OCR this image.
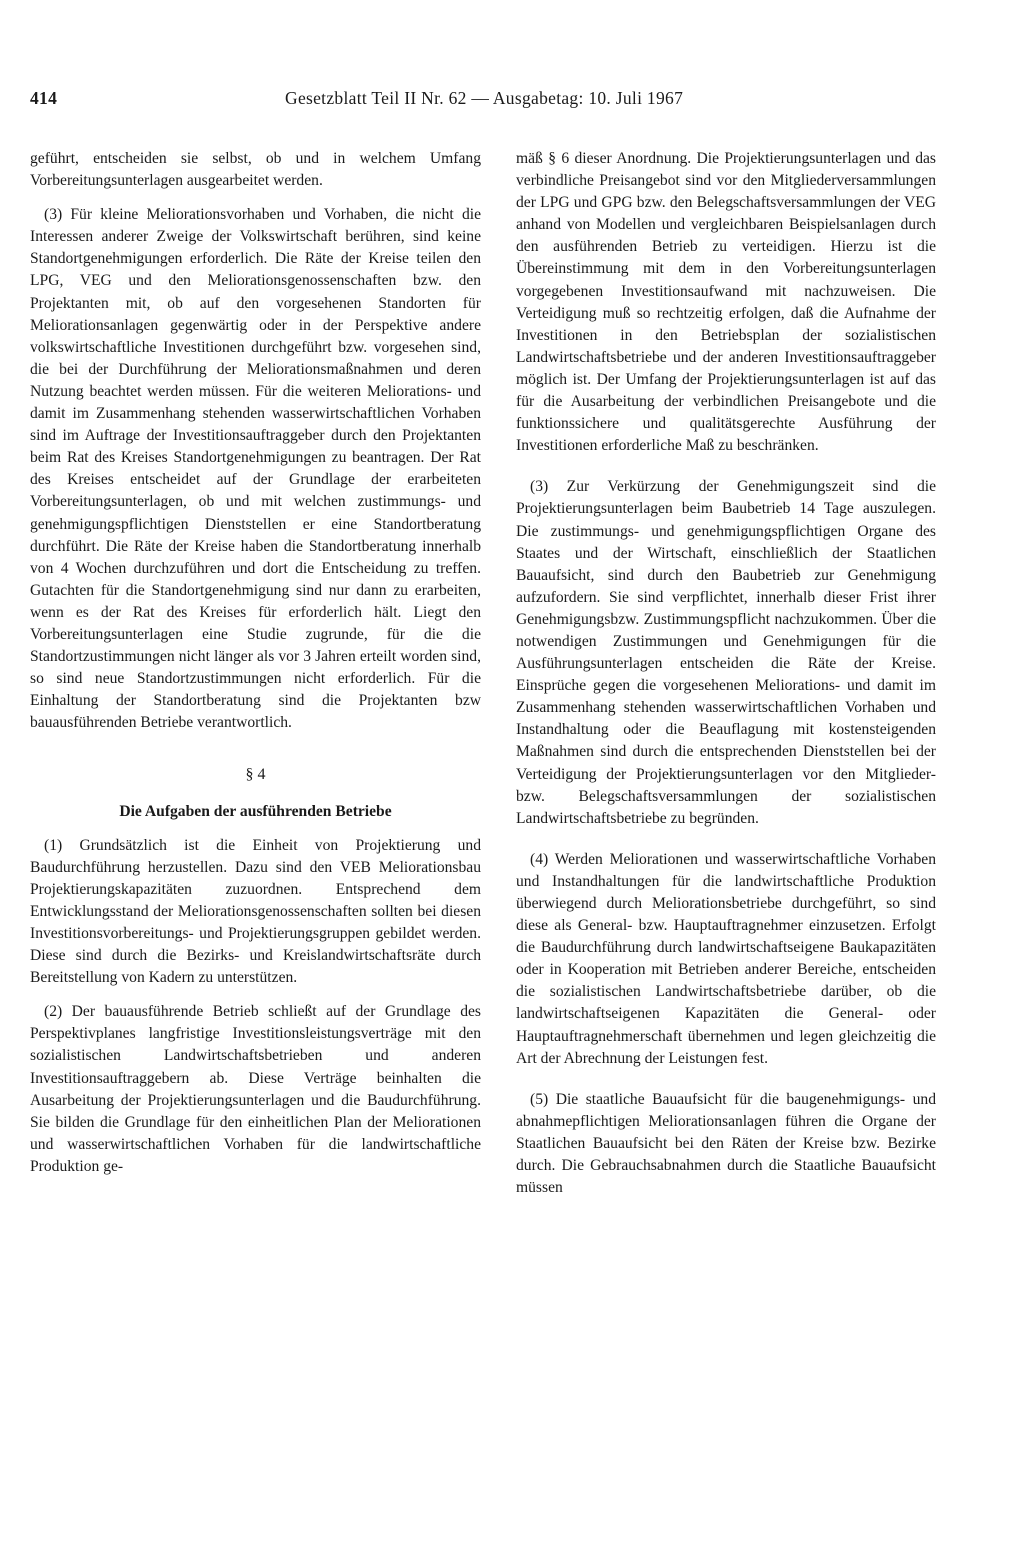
414	Gesetzblatt Teil II Nr. 62 — Ausgabetag: 10. Juli 1967

geführt, entscheiden sie selbst, ob und in welchem Umfang Vorbereitungsunterlagen ausgearbeitet werden.

(3) Für kleine Meliorationsvorhaben und Vorhaben, die nicht die Interessen anderer Zweige der Volkswirtschaft berühren, sind keine Standortgenehmigungen erforderlich. Die Räte der Kreise teilen den LPG, VEG und den Meliorationsgenossenschaften bzw. den Projektanten mit, ob auf den vorgesehenen Standorten für Meliorationsanlagen gegenwärtig oder in der Perspektive andere volkswirtschaftliche Investitionen durchgeführt bzw. vorgesehen sind, die bei der Durchführung der Meliorationsmaßnahmen und deren Nutzung beachtet werden müssen. Für die weiteren Meliorations- und damit im Zusammenhang stehenden wasserwirtschaftlichen Vorhaben sind im Auftrage der Investitionsauftraggeber durch den Projektanten beim Rat des Kreises Standortgenehmigungen zu beantragen. Der Rat des Kreises entscheidet auf der Grundlage der erarbeiteten Vorbereitungsunterlagen, ob und mit welchen zustimmungs- und genehmigungspflichtigen Dienststellen er eine Standortberatung durchführt. Die Räte der Kreise haben die Standortberatung innerhalb von 4 Wochen durchzuführen und dort die Entscheidung zu treffen. Gutachten für die Standortgenehmigung sind nur dann zu erarbeiten, wenn es der Rat des Kreises für erforderlich hält. Liegt den Vorbereitungsunterlagen eine Studie zugrunde, für die die Standortzustimmungen nicht länger als vor 3 Jahren erteilt worden sind, so sind neue Standortzustimmungen nicht erforderlich. Für die Einhaltung der Standortberatung sind die Projektanten bzw bauausführenden Betriebe verantwortlich.

§ 4
Die Aufgaben der ausführenden Betriebe

(1) Grundsätzlich ist die Einheit von Projektierung und Baudurchführung herzustellen. Dazu sind den VEB Meliorationsbau Projektierungskapazitäten zuzuordnen. Entsprechend dem Entwicklungsstand der Meliorationsgenossenschaften sollten bei diesen Investitionsvorbereitungs- und Projektierungsgruppen gebildet werden. Diese sind durch die Bezirks- und Kreislandwirtschaftsräte durch Bereitstellung von Kadern zu unterstützen.

(2) Der bauausführende Betrieb schließt auf der Grundlage des Perspektivplanes langfristige Investitionsleistungsverträge mit den sozialistischen Landwirtschaftsbetrieben und anderen Investitionsauftraggebern ab. Diese Verträge beinhalten die Ausarbeitung der Projektierungsunterlagen und die Baudurchführung. Sie bilden die Grundlage für den einheitlichen Plan der Meliorationen und wasserwirtschaftlichen Vorhaben für die landwirtschaftliche Produktion ge-

mäß § 6 dieser Anordnung. Die Projektierungsunterlagen und das verbindliche Preisangebot sind vor den Mitgliederversammlungen der LPG und GPG bzw. den Belegschaftsversammlungen der VEG anhand von Modellen und vergleichbaren Beispielsanlagen durch den ausführenden Betrieb zu verteidigen. Hierzu ist die Übereinstimmung mit dem in den Vorbereitungsunterlagen vorgegebenen Investitionsaufwand mit nachzuweisen. Die Verteidigung muß so rechtzeitig erfolgen, daß die Aufnahme der Investitionen in den Betriebsplan der sozialistischen Landwirtschaftsbetriebe und der anderen Investitionsauftraggeber möglich ist. Der Umfang der Projektierungsunterlagen ist auf das für die Ausarbeitung der verbindlichen Preisangebote und die funktionssichere und qualitätsgerechte Ausführung der Investitionen erforderliche Maß zu beschränken.

(3) Zur Verkürzung der Genehmigungszeit sind die Projektierungsunterlagen beim Baubetrieb 14 Tage auszulegen. Die zustimmungs- und genehmigungspflichtigen Organe des Staates und der Wirtschaft, einschließlich der Staatlichen Bauaufsicht, sind durch den Baubetrieb zur Genehmigung aufzufordern. Sie sind verpflichtet, innerhalb dieser Frist ihrer Genehmigungsbzw. Zustimmungspflicht nachzukommen. Über die notwendigen Zustimmungen und Genehmigungen für die Ausführungsunterlagen entscheiden die Räte der Kreise. Einsprüche gegen die vorgesehenen Meliorations- und damit im Zusammenhang stehenden wasserwirtschaftlichen Vorhaben und Instandhaltung oder die Beauflagung mit kostensteigenden Maßnahmen sind durch die entsprechenden Dienststellen bei der Verteidigung der Projektierungsunterlagen vor den Mitglieder- bzw. Belegschaftsversammlungen der sozialistischen Landwirtschaftsbetriebe zu begründen.

(4) Werden Meliorationen und wasserwirtschaftliche Vorhaben und Instandhaltungen für die landwirtschaftliche Produktion überwiegend durch Meliorationsbetriebe durchgeführt, so sind diese als General- bzw. Hauptauftragnehmer einzusetzen. Erfolgt die Baudurchführung durch landwirtschaftseigene Baukapazitäten oder in Kooperation mit Betrieben anderer Bereiche, entscheiden die sozialistischen Landwirtschaftsbetriebe darüber, ob die landwirtschaftseigenen Kapazitäten die General- oder Hauptauftragnehmerschaft übernehmen und legen gleichzeitig die Art der Abrechnung der Leistungen fest.

(5) Die staatliche Bauaufsicht für die baugenehmigungs- und abnahmepflichtigen Meliorationsanlagen führen die Organe der Staatlichen Bauaufsicht bei den Räten der Kreise bzw. Bezirke durch. Die Gebrauchsabnahmen durch die Staatliche Bauaufsicht müssen
